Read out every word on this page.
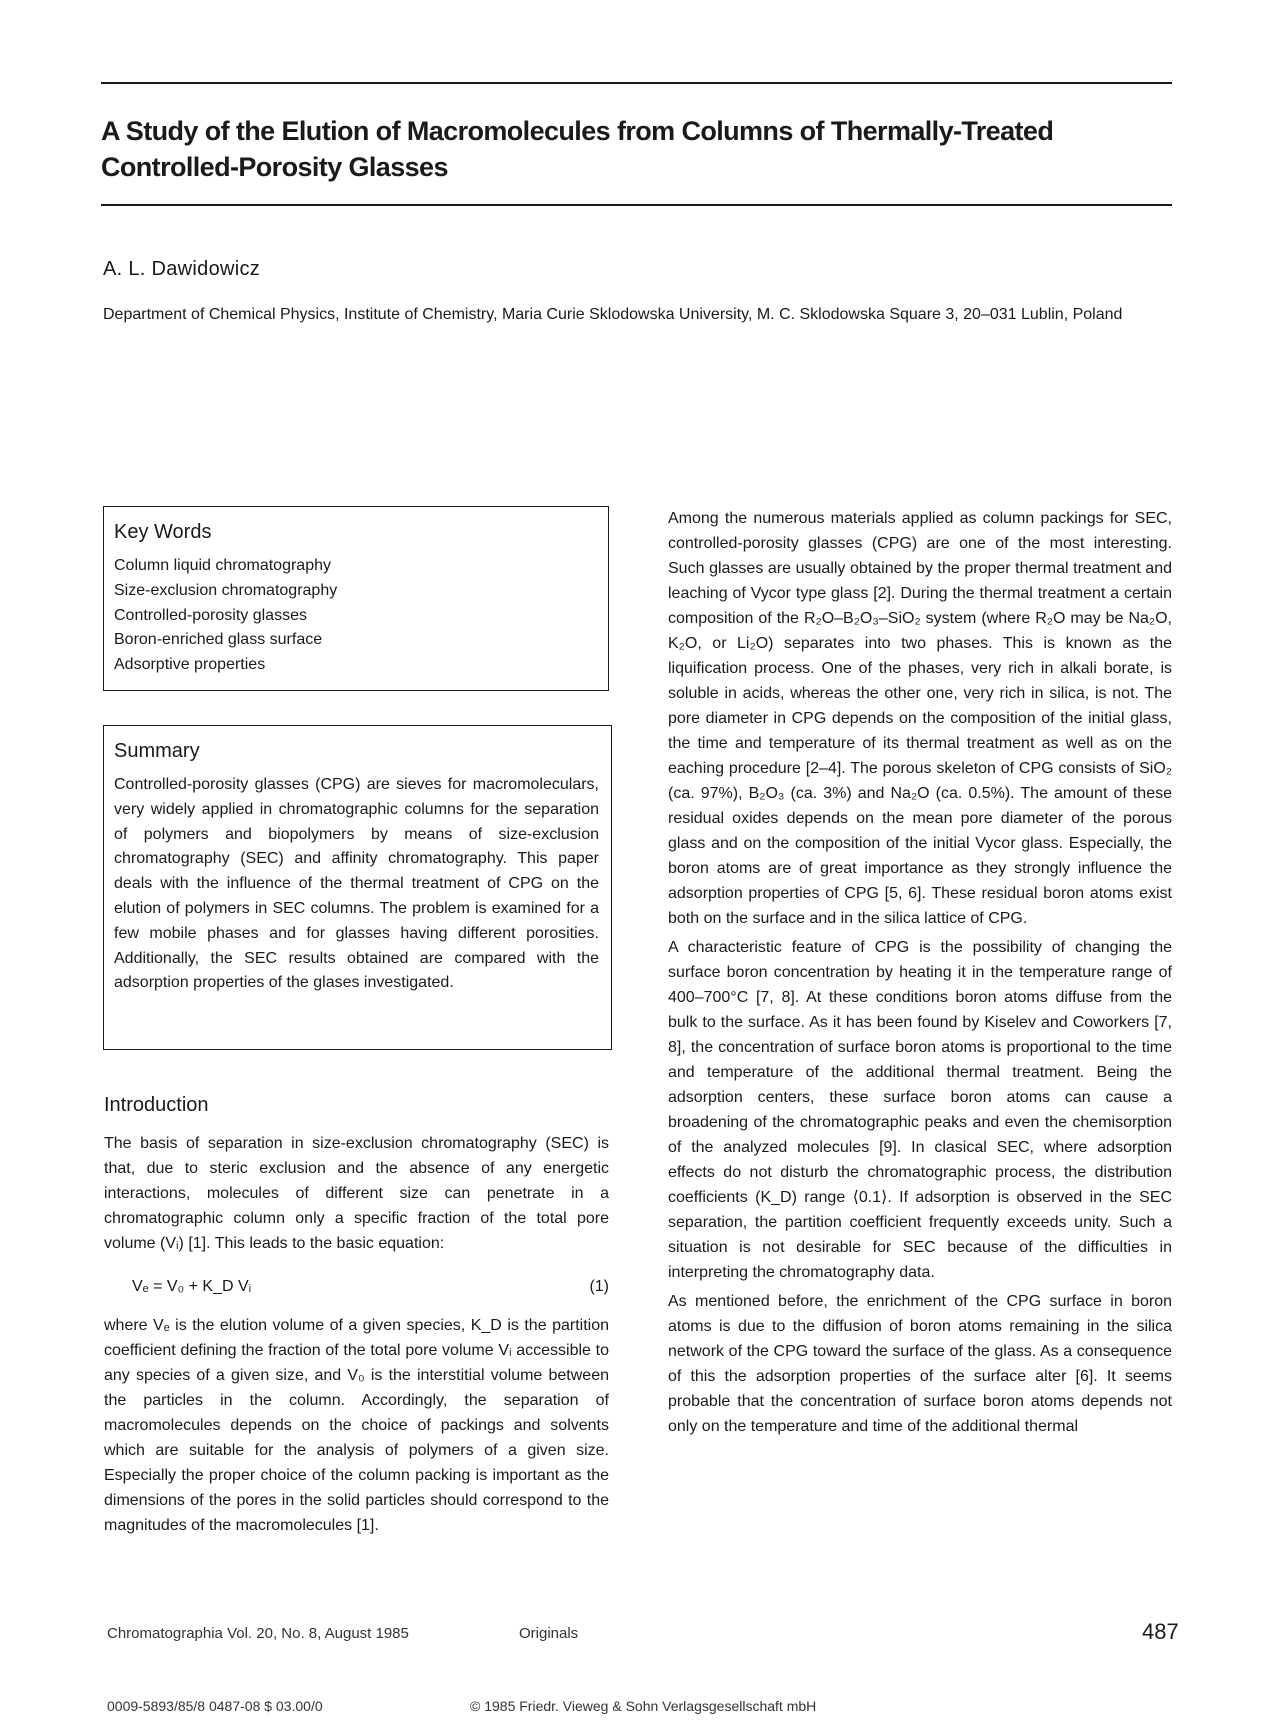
A Study of the Elution of Macromolecules from Columns of Thermally-Treated Controlled-Porosity Glasses
A. L. Dawidowicz
Department of Chemical Physics, Institute of Chemistry, Maria Curie Sklodowska University, M. C. Sklodowska Square 3, 20–031 Lublin, Poland
Key Words
Column liquid chromatography
Size-exclusion chromatography
Controlled-porosity glasses
Boron-enriched glass surface
Adsorptive properties
Summary

Controlled-porosity glasses (CPG) are sieves for macromoleculars, very widely applied in chromatographic columns for the separation of polymers and biopolymers by means of size-exclusion chromatography (SEC) and affinity chromatography. This paper deals with the influence of the thermal treatment of CPG on the elution of polymers in SEC columns. The problem is examined for a few mobile phases and for glasses having different porosities. Additionally, the SEC results obtained are compared with the adsorption properties of the glases investigated.

Introduction

The basis of separation in size-exclusion chromatography (SEC) is that, due to steric exclusion and the absence of any energetic interactions, molecules of different size can penetrate in a chromatographic column only a specific fraction of the total pore volume (Vᵢ) [1]. This leads to the basic equation:

Vₑ = V₀ + K_D Vᵢ	(1)

where Vₑ is the elution volume of a given species, K_D is the partition coefficient defining the fraction of the total pore volume Vᵢ accessible to any species of a given size, and V₀ is the interstitial volume between the particles in the column. Accordingly, the separation of macromolecules depends on the choice of packings and solvents which are suitable for the analysis of polymers of a given size. Especially the proper choice of the column packing is important as the dimensions of the pores in the solid particles should correspond to the magnitudes of the macromolecules [1].

Among the numerous materials applied as column packings for SEC, controlled-porosity glasses (CPG) are one of the most interesting. Such glasses are usually obtained by the proper thermal treatment and leaching of Vycor type glass [2]. During the thermal treatment a certain composition of the R₂O–B₂O₃–SiO₂ system (where R₂O may be Na₂O, K₂O, or Li₂O) separates into two phases. This is known as the liquification process. One of the phases, very rich in alkali borate, is soluble in acids, whereas the other one, very rich in silica, is not. The pore diameter in CPG depends on the composition of the initial glass, the time and temperature of its thermal treatment as well as on the eaching procedure [2–4]. The porous skeleton of CPG consists of SiO₂ (ca. 97%), B₂O₃ (ca. 3%) and Na₂O (ca. 0.5%). The amount of these residual oxides depends on the mean pore diameter of the porous glass and on the composition of the initial Vycor glass. Especially, the boron atoms are of great importance as they strongly influence the adsorption properties of CPG [5, 6]. These residual boron atoms exist both on the surface and in the silica lattice of CPG.

A characteristic feature of CPG is the possibility of changing the surface boron concentration by heating it in the temperature range of 400–700°C [7, 8]. At these conditions boron atoms diffuse from the bulk to the surface. As it has been found by Kiselev and Coworkers [7, 8], the concentration of surface boron atoms is proportional to the time and temperature of the additional thermal treatment. Being the adsorption centers, these surface boron atoms can cause a broadening of the chromatographic peaks and even the chemisorption of the analyzed molecules [9]. In clasical SEC, where adsorption effects do not disturb the chromatographic process, the distribution coefficients (K_D) range ⟨0.1⟩. If adsorption is observed in the SEC separation, the partition coefficient frequently exceeds unity. Such a situation is not desirable for SEC because of the difficulties in interpreting the chromatography data.

As mentioned before, the enrichment of the CPG surface in boron atoms is due to the diffusion of boron atoms remaining in the silica network of the CPG toward the surface of the glass. As a consequence of this the adsorption properties of the surface alter [6]. It seems probable that the concentration of surface boron atoms depends not only on the temperature and time of the additional thermal

Chromatographia Vol. 20, No. 8, August 1985	Originals	487
0009-5893/85/8 0487-08 $ 03.00/0	© 1985 Friedr. Vieweg & Sohn Verlagsgesellschaft mbH
